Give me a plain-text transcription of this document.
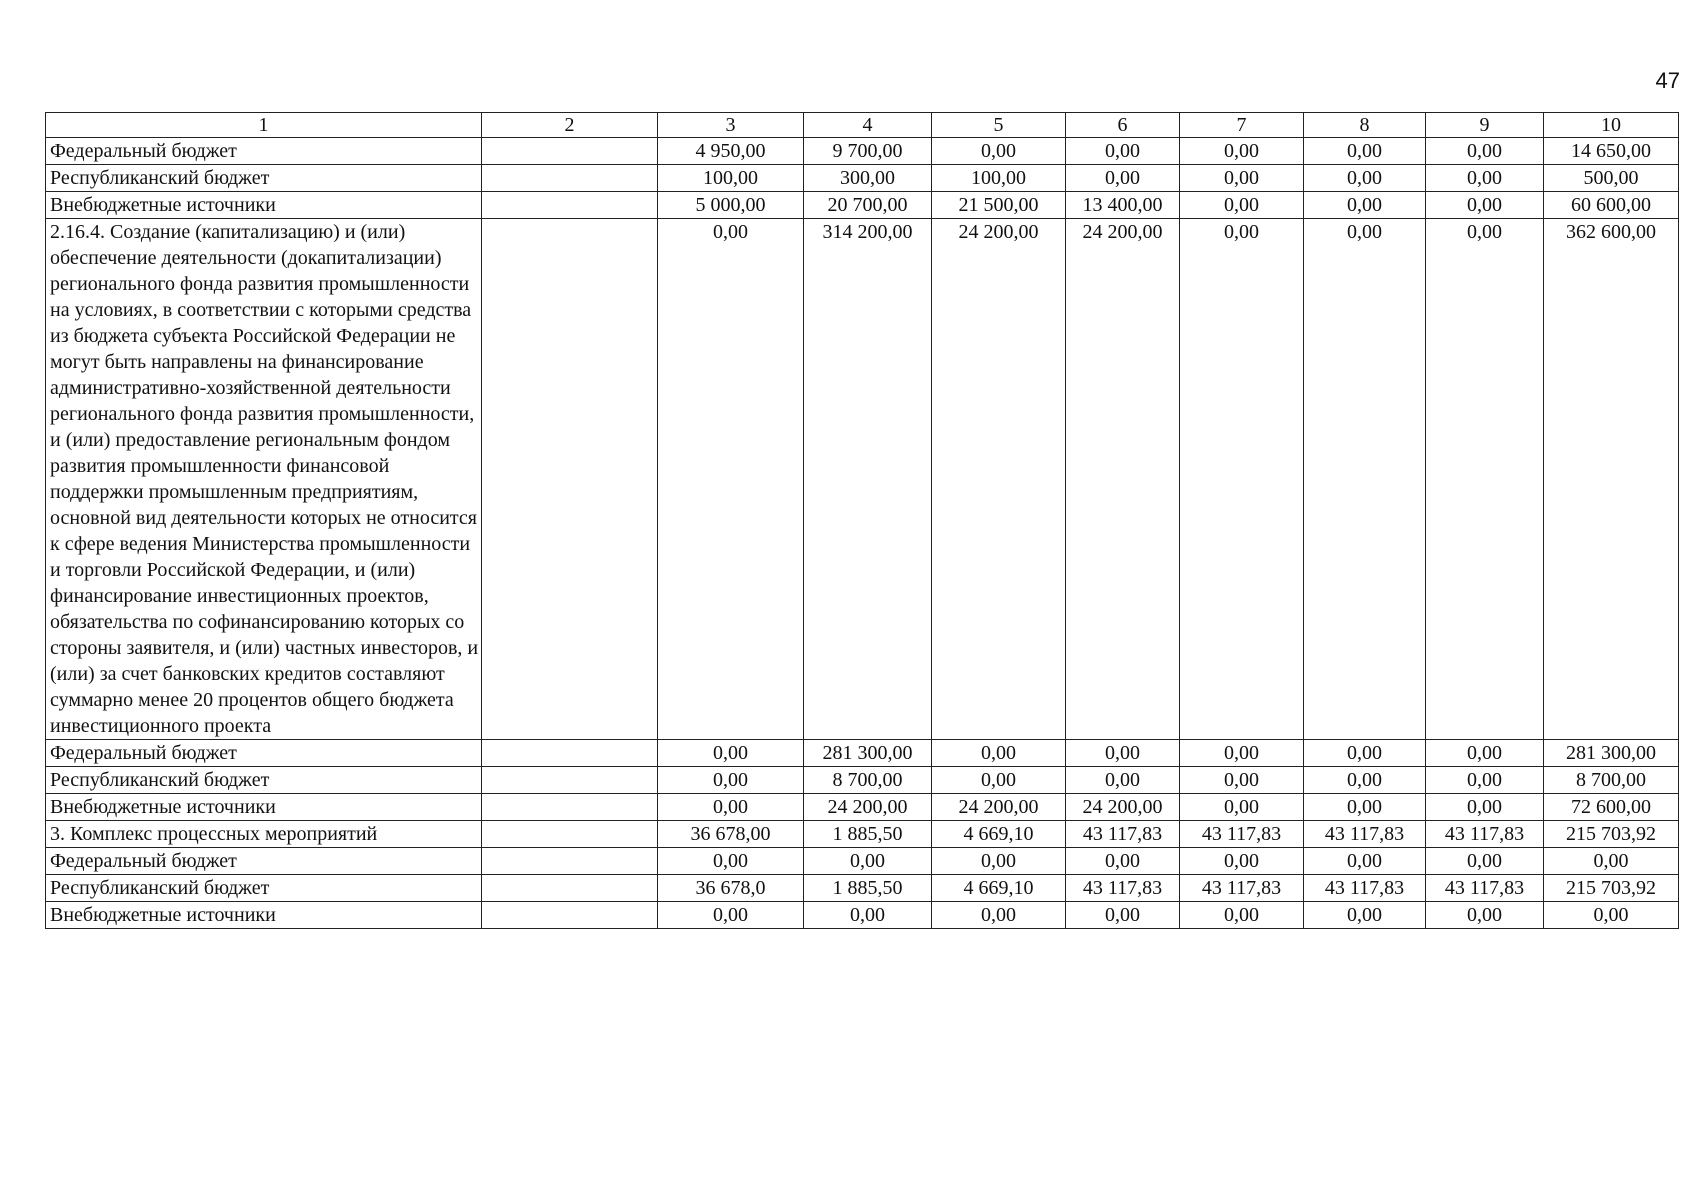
47
1	2	3	4	5	6	7	8	9	10
Федеральный бюджет		4 950,00	9 700,00	0,00	0,00	0,00	0,00	0,00	14 650,00
Республиканский бюджет		100,00	300,00	100,00	0,00	0,00	0,00	0,00	500,00
Внебюджетные источники		5 000,00	20 700,00	21 500,00	13 400,00	0,00	0,00	0,00	60 600,00
2.16.4. Создание (капитализацию) и (или) обеспечение деятельности (докапитализации) регионального фонда развития промышленности на условиях, в соответствии с которыми средства из бюджета субъекта Российской Федерации не могут быть направлены на финансирование административно-хозяйственной деятельности регионального фонда развития промышленности, и (или) предоставление региональным фондом развития промышленности финансовой поддержки промышленным предприятиям, основной вид деятельности которых не относится к сфере ведения Министерства промышленности и торговли Российской Федерации, и (или) финансирование инвестиционных проектов, обязательства по софинансированию которых со стороны заявителя, и (или) частных инвесторов, и (или) за счет банковских кредитов составляют суммарно менее 20 процентов общего бюджета инвестиционного проекта		0,00	314 200,00	24 200,00	24 200,00	0,00	0,00	0,00	362 600,00
Федеральный бюджет		0,00	281 300,00	0,00	0,00	0,00	0,00	0,00	281 300,00
Республиканский бюджет		0,00	8 700,00	0,00	0,00	0,00	0,00	0,00	8 700,00
Внебюджетные источники		0,00	24 200,00	24 200,00	24 200,00	0,00	0,00	0,00	72 600,00
3. Комплекс процессных мероприятий		36 678,00	1 885,50	4 669,10	43 117,83	43 117,83	43 117,83	43 117,83	215 703,92
Федеральный бюджет		0,00	0,00	0,00	0,00	0,00	0,00	0,00	0,00
Республиканский бюджет		36 678,0	1 885,50	4 669,10	43 117,83	43 117,83	43 117,83	43 117,83	215 703,92
Внебюджетные источники		0,00	0,00	0,00	0,00	0,00	0,00	0,00	0,00
